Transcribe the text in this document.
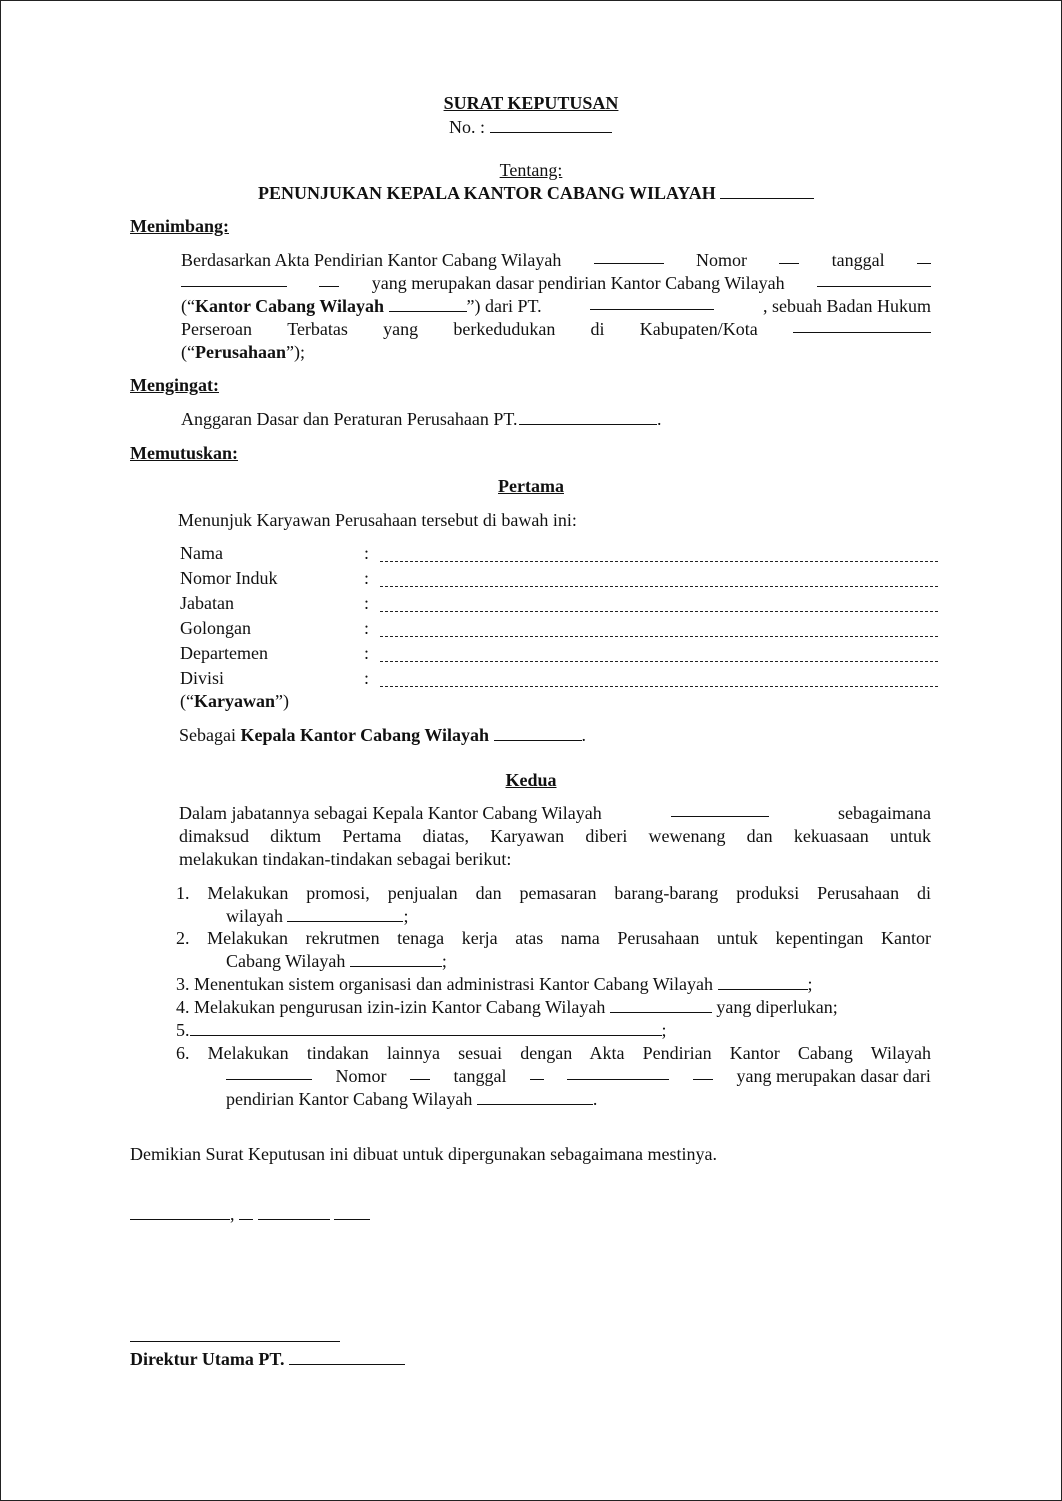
SURAT KEPUTUSAN
No. :
Tentang:
PENUNJUKAN KEPALA KANTOR CABANG WILAYAH
Menimbang:
Berdasarkan Akta Pendirian Kantor Cabang Wilayah	Nomor	tanggal
yang merupakan dasar pendirian Kantor Cabang Wilayah
(“Kantor Cabang Wilayah	”) dari PT.	, sebuah Badan Hukum
Perseroan Terbatas yang berkedudukan di Kabupaten/Kota
(“Perusahaan”);
Mengingat:
Anggaran Dasar dan Peraturan Perusahaan PT.	.
Memutuskan:
Pertama
Menunjuk Karyawan Perusahaan tersebut di bawah ini:
Nama	:
Nomor Induk	:
Jabatan	:
Golongan	:
Departemen	:
Divisi	:
(“Karyawan”)
Sebagai Kepala Kantor Cabang Wilayah	.
Kedua
Dalam jabatannya sebagai Kepala Kantor Cabang Wilayah	sebagaimana
dimaksud diktum Pertama diatas, Karyawan diberi wewenang dan kekuasaan untuk
melakukan tindakan-tindakan sebagai berikut:
1. Melakukan promosi, penjualan dan pemasaran barang-barang produksi Perusahaan di
wilayah	;
2. Melakukan rekrutmen tenaga kerja atas nama Perusahaan untuk kepentingan Kantor
Cabang Wilayah	;
3. Menentukan sistem organisasi dan administrasi Kantor Cabang Wilayah	;
4. Melakukan pengurusan izin-izin Kantor Cabang Wilayah	yang diperlukan;
5.	;
6. Melakukan tindakan lainnya sesuai dengan Akta Pendirian Kantor Cabang Wilayah
Nomor	tanggal	yang merupakan dasar dari
pendirian Kantor Cabang Wilayah	.
Demikian Surat Keputusan ini dibuat untuk dipergunakan sebagaimana mestinya.
,
Direktur Utama PT.
